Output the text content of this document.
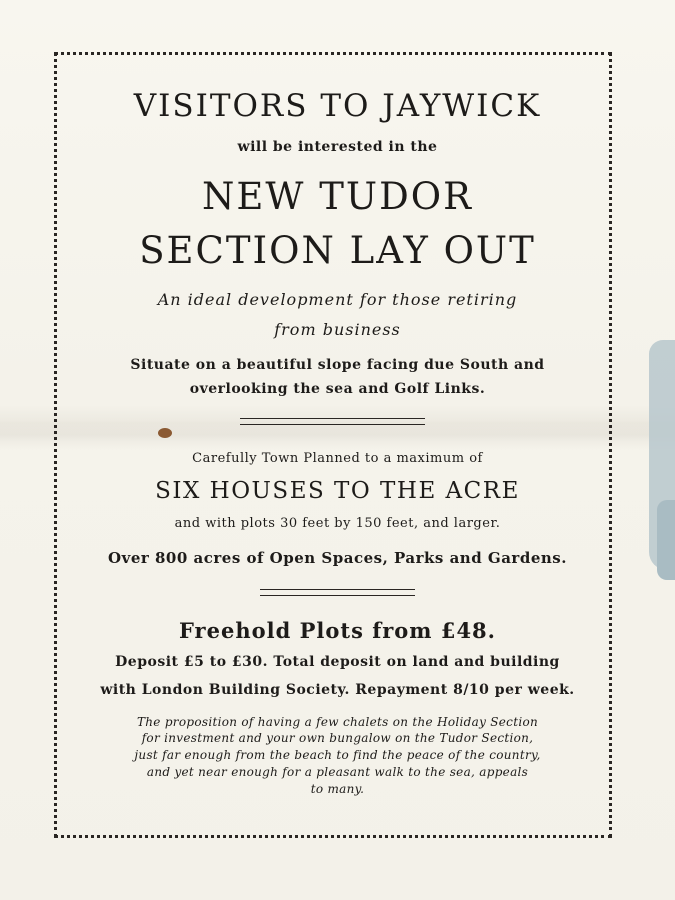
VISITORS TO JAYWICK
will be interested in the
NEW TUDOR
SECTION LAY OUT
An ideal development for those retiring
from business
Situate on a beautiful slope facing due South and
overlooking the sea and Golf Links.
Carefully Town Planned to a maximum of
SIX HOUSES TO THE ACRE
and with plots 30 feet by 150 feet, and larger.
Over 800 acres of Open Spaces, Parks and Gardens.
Freehold Plots from £48.
Deposit £5 to £30. Total deposit on land and building
with London Building Society. Repayment 8/10 per week.
The proposition of having a few chalets on the Holiday Section
for investment and your own bungalow on the Tudor Section,
just far enough from the beach to find the peace of the country,
and yet near enough for a pleasant walk to the sea, appeals
to many.
